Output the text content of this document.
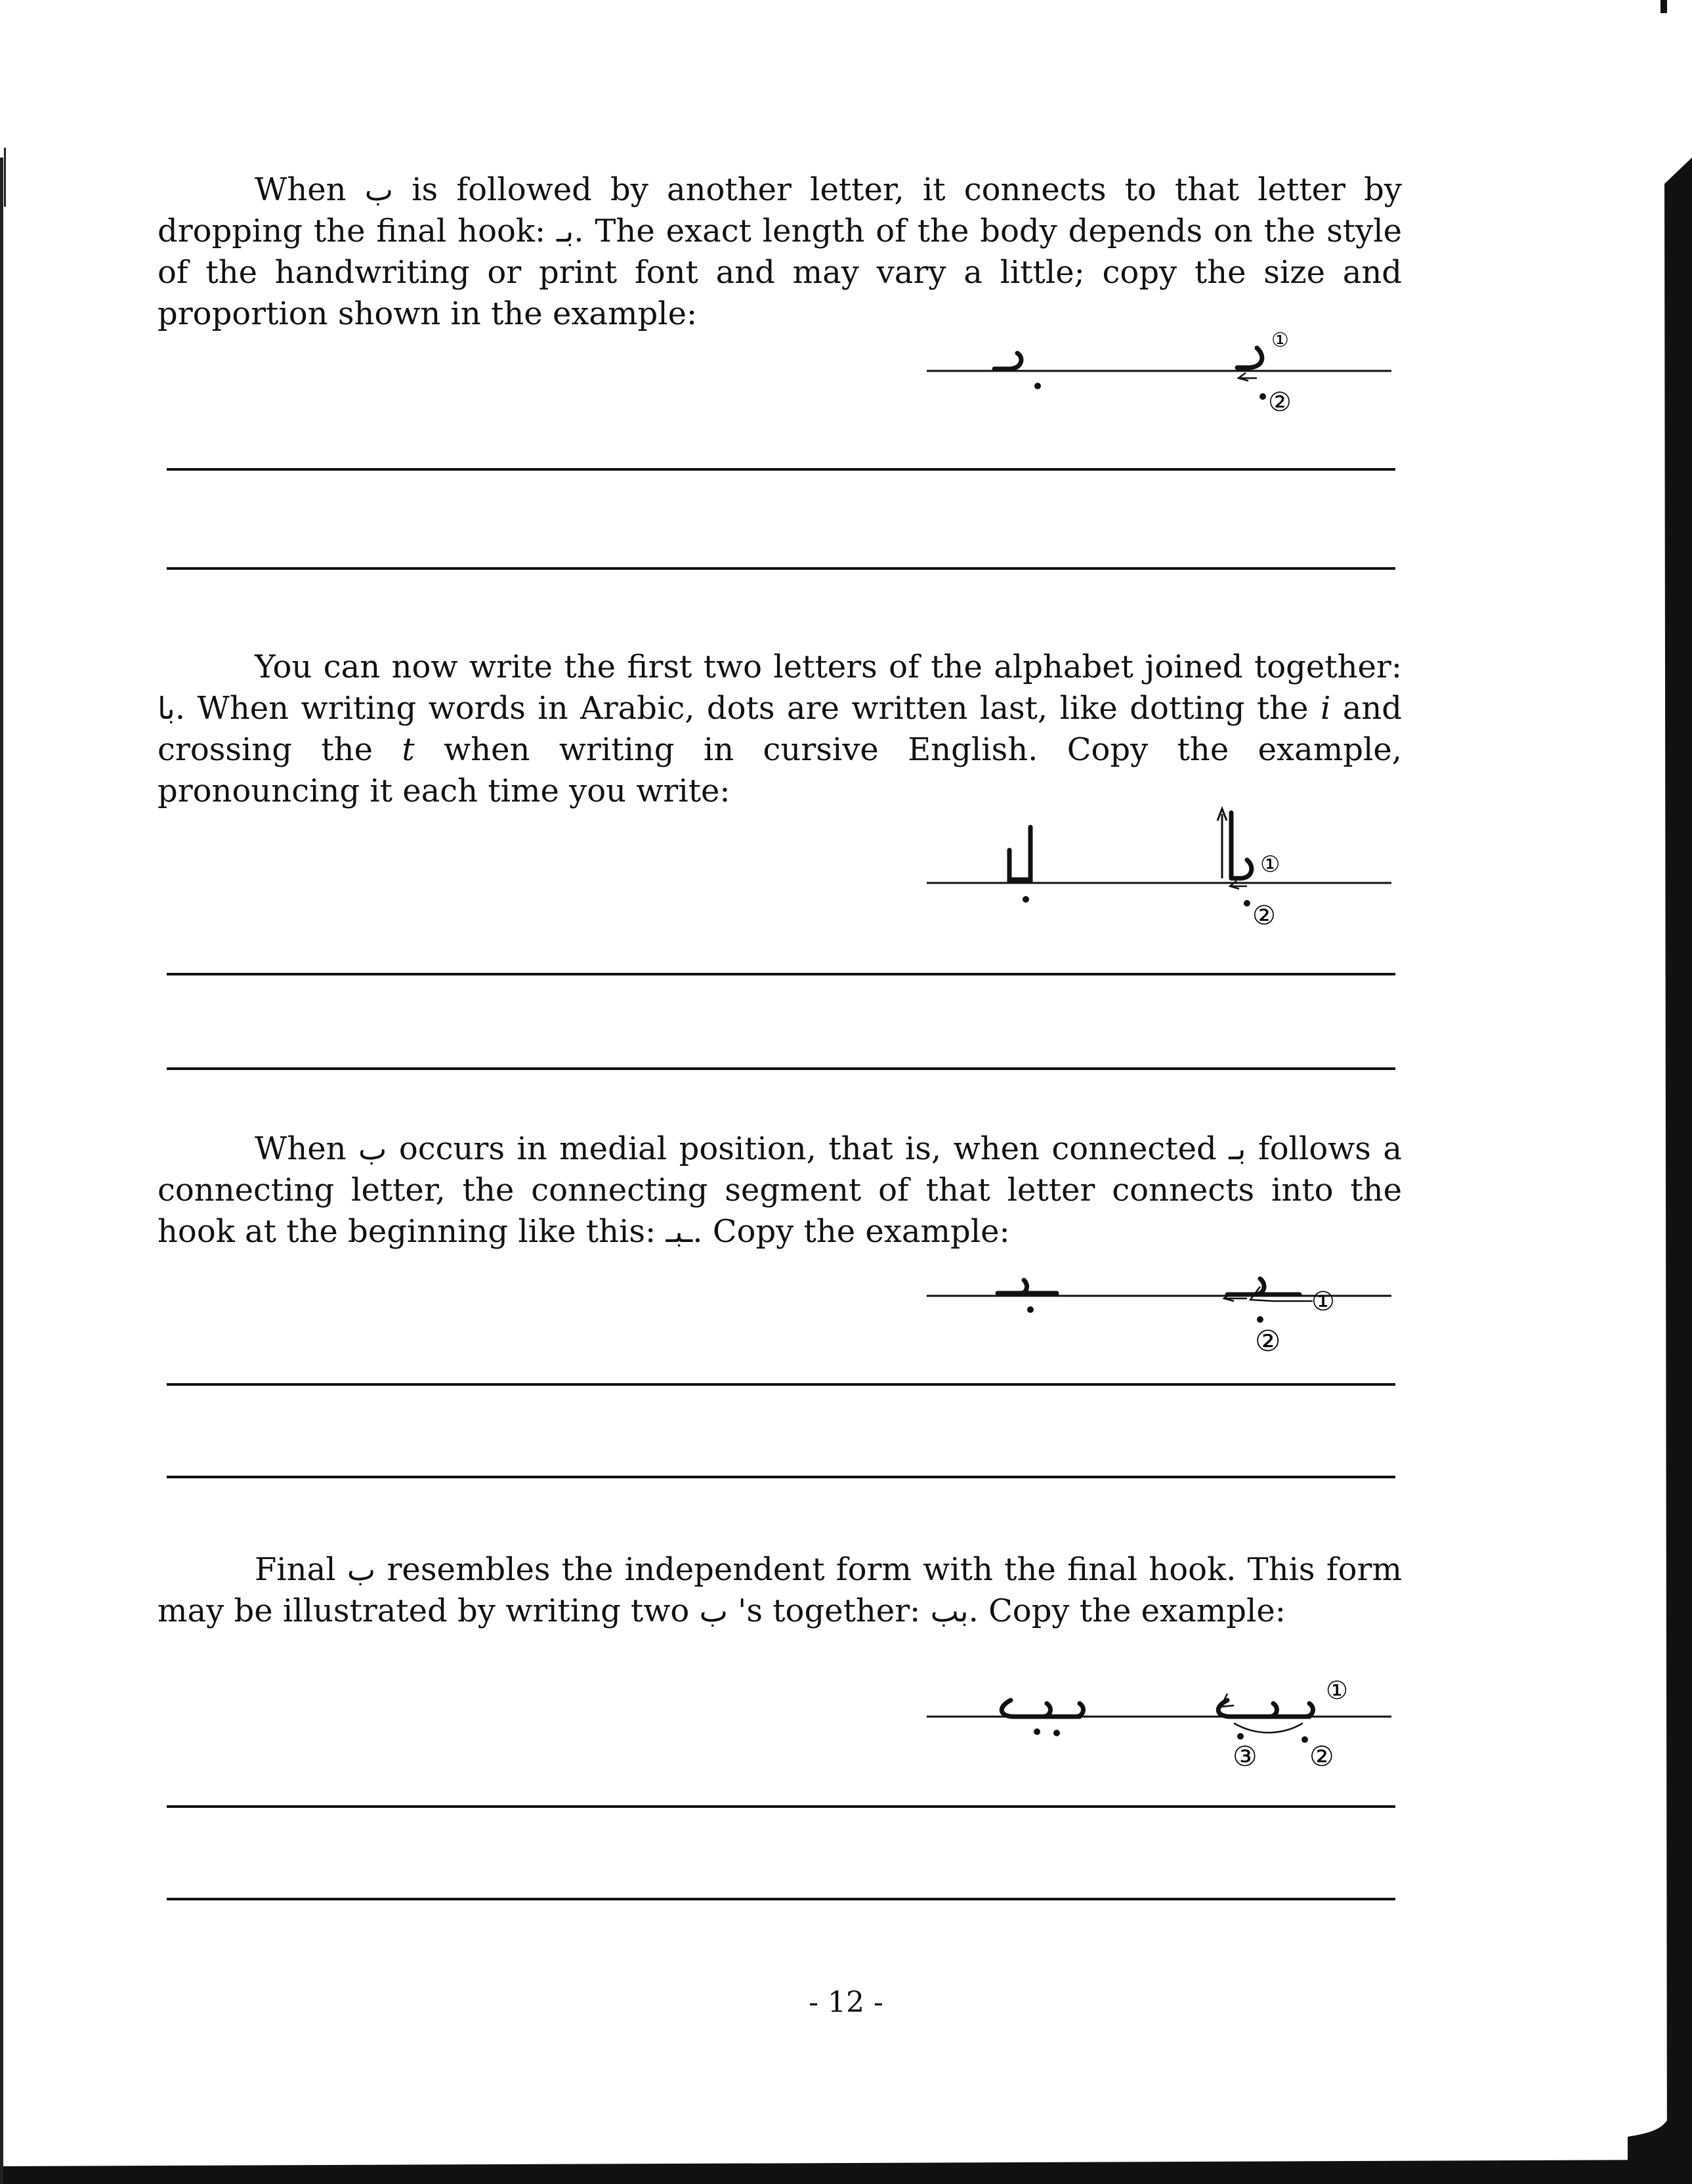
When ب is followed by another letter, it connects to that letter by dropping the final hook: بـ. The exact length of the body depends on the style of the handwriting or print font and may vary a little; copy the size and proportion shown in the example:

①
②

You can now write the first two letters of the alphabet joined together: با. When writing words in Arabic, dots are written last, like dotting the i and crossing the t when writing in cursive English. Copy the example, pronouncing it each time you write:

①
②

When ب occurs in medial position, that is, when connected بـ follows a connecting letter, the connecting segment of that letter connects into the hook at the beginning like this: ـبـ. Copy the example:

①
②

Final ب resembles the independent form with the final hook. This form may be illustrated by writing two ب 's together: بب. Copy the example:

①
③ ②
- 12 -
